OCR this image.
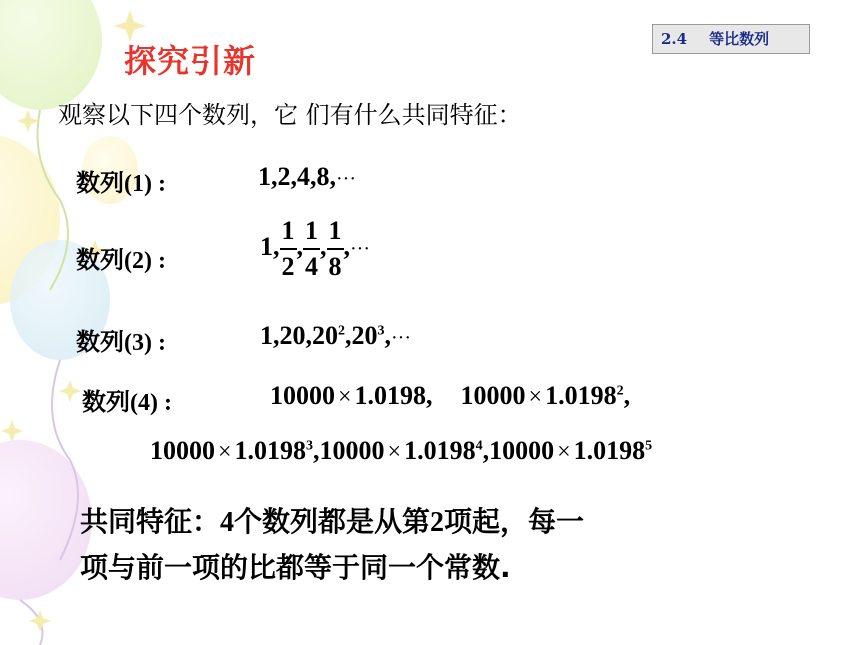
2.4 等比数列
探究引新
观察以下四个数列，它 们有什么共同特征：
数列(1) :	1,2,4,8,···
数列(2) :
1, $\frac{1}{2}$ , $\frac{1}{4}$ , $\frac{1}{8}$ ,···
数列(3) :	$1,20,20^2,20^3,\cdot\cdot\cdot$
数列(4) :	10000 × 1.0198, $10000 \times 1.0198^2$,
$10000 \times 1.0198^3,10000 \times 1.0198^4,10000 \times 1.0198^5$
共同特征：4个数列都是从第2项起，每一
项与前一项的比都等于同一个常数.
